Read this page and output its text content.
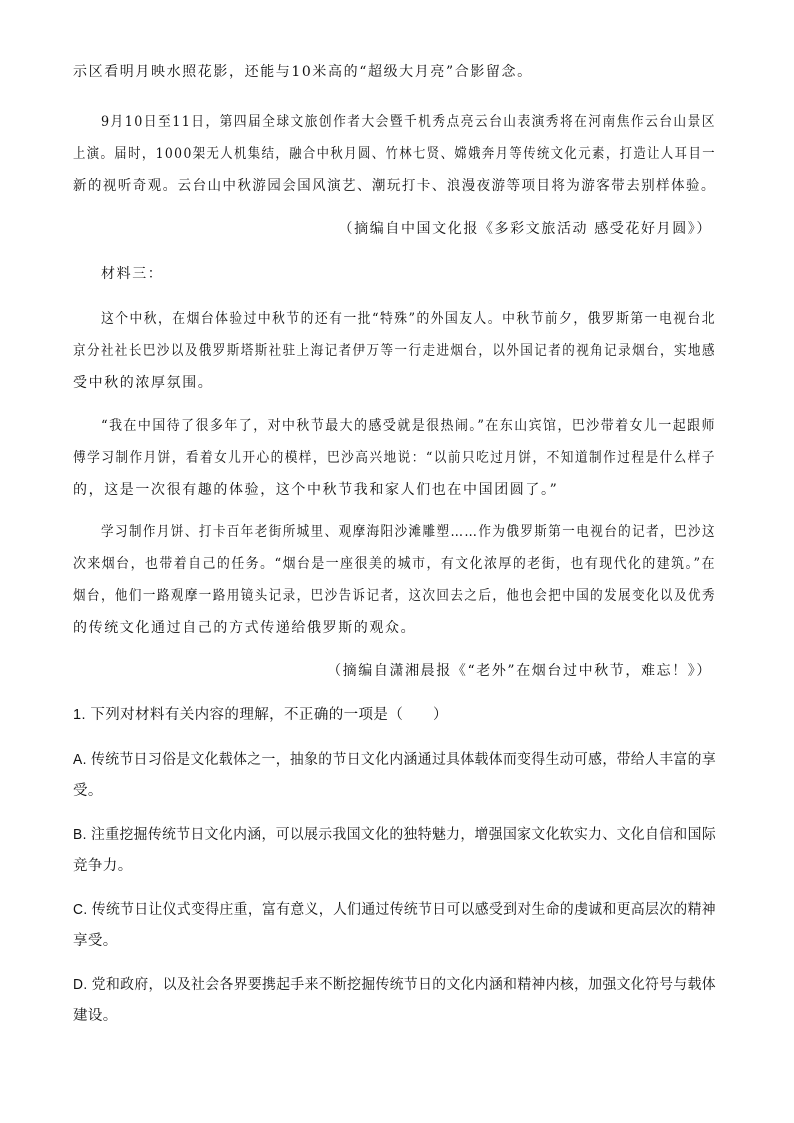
示区看明月映水照花影，还能与10米高的“超级大月亮”合影留念。
9月10日至11日，第四届全球文旅创作者大会暨千机秀点亮云台山表演秀将在河南焦作云台山景区
上演。届时，1000架无人机集结，融合中秋月圆、竹林七贤、嫦娥奔月等传统文化元素，打造让人耳目一
新的视听奇观。云台山中秋游园会国风演艺、潮玩打卡、浪漫夜游等项目将为游客带去别样体验。
（摘编自中国文化报《多彩文旅活动 感受花好月圆》）
材料三：
这个中秋，在烟台体验过中秋节的还有一批“特殊”的外国友人。中秋节前夕，俄罗斯第一电视台北
京分社社长巴沙以及俄罗斯塔斯社驻上海记者伊万等一行走进烟台，以外国记者的视角记录烟台，实地感
受中秋的浓厚氛围。
“我在中国待了很多年了，对中秋节最大的感受就是很热闹。”在东山宾馆，巴沙带着女儿一起跟师
傅学习制作月饼，看着女儿开心的模样，巴沙高兴地说：“以前只吃过月饼，不知道制作过程是什么样子
的，这是一次很有趣的体验，这个中秋节我和家人们也在中国团圆了。”
学习制作月饼、打卡百年老街所城里、观摩海阳沙滩雕塑……作为俄罗斯第一电视台的记者，巴沙这
次来烟台，也带着自己的任务。“烟台是一座很美的城市，有文化浓厚的老街，也有现代化的建筑。”在
烟台，他们一路观摩一路用镜头记录，巴沙告诉记者，这次回去之后，他也会把中国的发展变化以及优秀
的传统文化通过自己的方式传递给俄罗斯的观众。
（摘编自潇湘晨报《“老外”在烟台过中秋节，难忘！》）
1. 下列对材料有关内容的理解，不正确的一项是（　　）
A. 传统节日习俗是文化载体之一，抽象的节日文化内涵通过具体载体而变得生动可感，带给人丰富的享
受。
B. 注重挖掘传统节日文化内涵，可以展示我国文化的独特魅力，增强国家文化软实力、文化自信和国际
竞争力。
C. 传统节日让仪式变得庄重，富有意义，人们通过传统节日可以感受到对生命的虔诚和更高层次的精神
享受。
D. 党和政府，以及社会各界要携起手来不断挖掘传统节日的文化内涵和精神内核，加强文化符号与载体
建设。
